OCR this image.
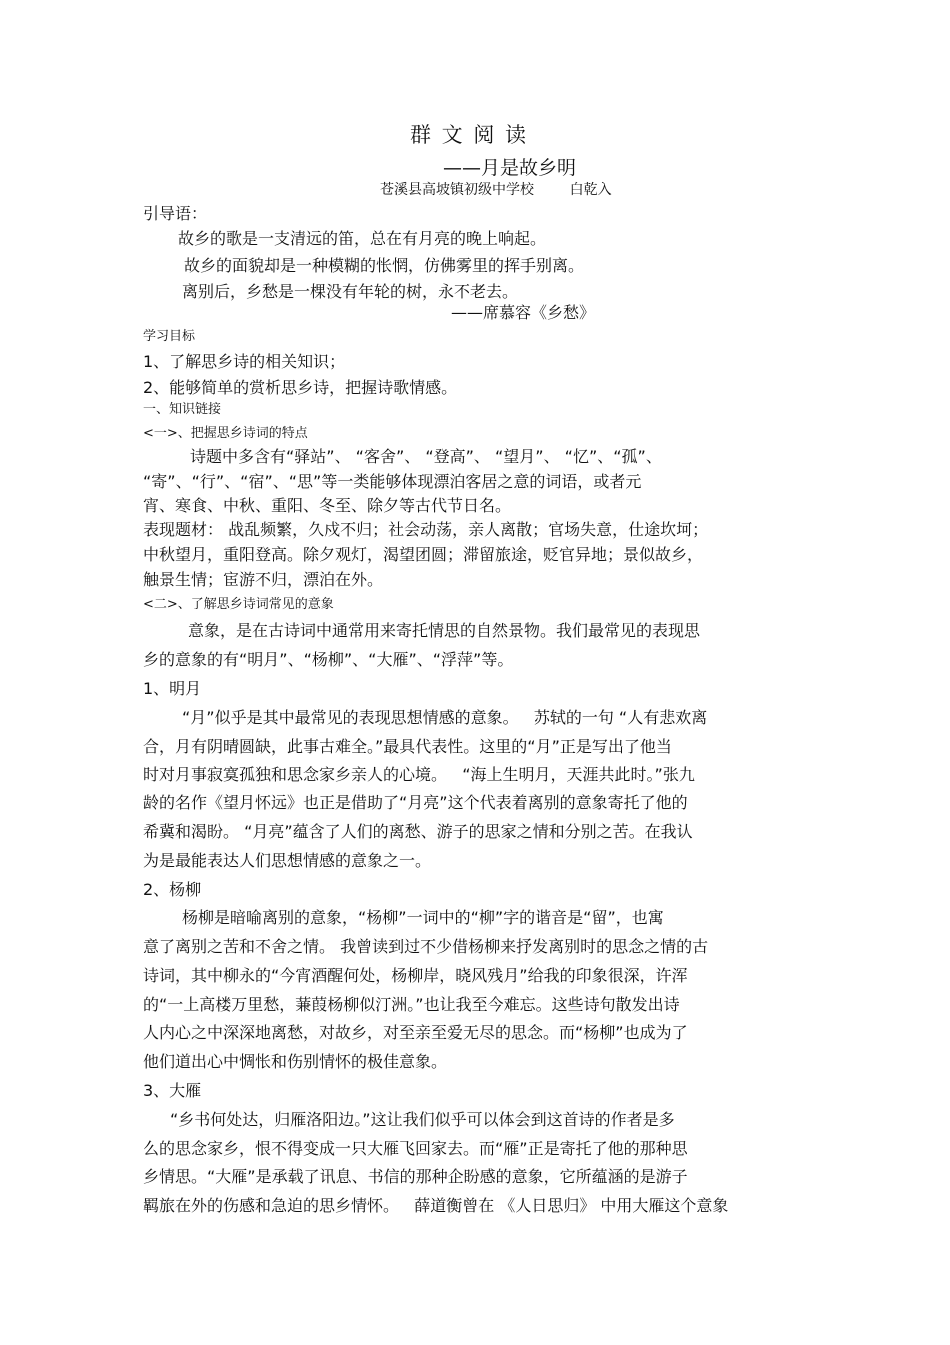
群 文 阅 读
——月是故乡明
苍溪县高坡镇初级中学校        白乾入
引导语：
故乡的歌是一支清远的笛，总在有月亮的晚上响起。
故乡的面貌却是一种模糊的怅惘，仿佛雾里的挥手别离。
离别后，乡愁是一棵没有年轮的树，永不老去。
——席慕容《乡愁》
学习目标
1、了解思乡诗的相关知识；
2、能够简单的赏析思乡诗，把握诗歌情感。
一、知识链接
<一>、把握思乡诗词的特点
诗题中多含有“驿站”、 “客舍”、 “登高”、 “望月”、 “忆”、“孤”、
“寄”、“行”、“宿”、“思”等一类能够体现漂泊客居之意的词语，或者元
宵、寒食、中秋、重阳、冬至、除夕等古代节日名。
表现题材： 战乱频繁，久戍不归；社会动荡，亲人离散；官场失意，仕途坎坷；
中秋望月，重阳登高。除夕观灯，渴望团圆；滞留旅途，贬官异地；景似故乡，
触景生情；宦游不归，漂泊在外。
<二>、了解思乡诗词常见的意象
意象，是在古诗词中通常用来寄托情思的自然景物。我们最常见的表现思
乡的意象的有“明月”、“杨柳”、“大雁”、“浮萍”等。
1、明月
“月”似乎是其中最常见的表现思想情感的意象。   苏轼的一句 “人有悲欢离
合，月有阴晴圆缺，此事古难全。”最具代表性。这里的“月”正是写出了他当
时对月事寂寞孤独和思念家乡亲人的心境。   “海上生明月，天涯共此时。”张九
龄的名作《望月怀远》也正是借助了“月亮”这个代表着离别的意象寄托了他的
希冀和渴盼。 “月亮”蕴含了人们的离愁、游子的思家之情和分别之苦。在我认
为是最能表达人们思想情感的意象之一。
2、杨柳
杨柳是暗喻离别的意象，“杨柳”一词中的“柳”字的谐音是“留”，也寓
意了离别之苦和不舍之情。 我曾读到过不少借杨柳来抒发离别时的思念之情的古
诗词，其中柳永的“今宵酒醒何处，杨柳岸，晓风残月”给我的印象很深，许浑
的“一上高楼万里愁，蒹葭杨柳似汀洲。”也让我至今难忘。这些诗句散发出诗
人内心之中深深地离愁，对故乡，对至亲至爱无尽的思念。而“杨柳”也成为了
他们道出心中惆怅和伤别情怀的极佳意象。
3、大雁
“乡书何处达，归雁洛阳边。”这让我们似乎可以体会到这首诗的作者是多
么的思念家乡，恨不得变成一只大雁飞回家去。而“雁”正是寄托了他的那种思
乡情思。“大雁”是承载了讯息、书信的那种企盼感的意象，它所蕴涵的是游子
羁旅在外的伤感和急迫的思乡情怀。   薛道衡曾在 《人日思归》 中用大雁这个意象
